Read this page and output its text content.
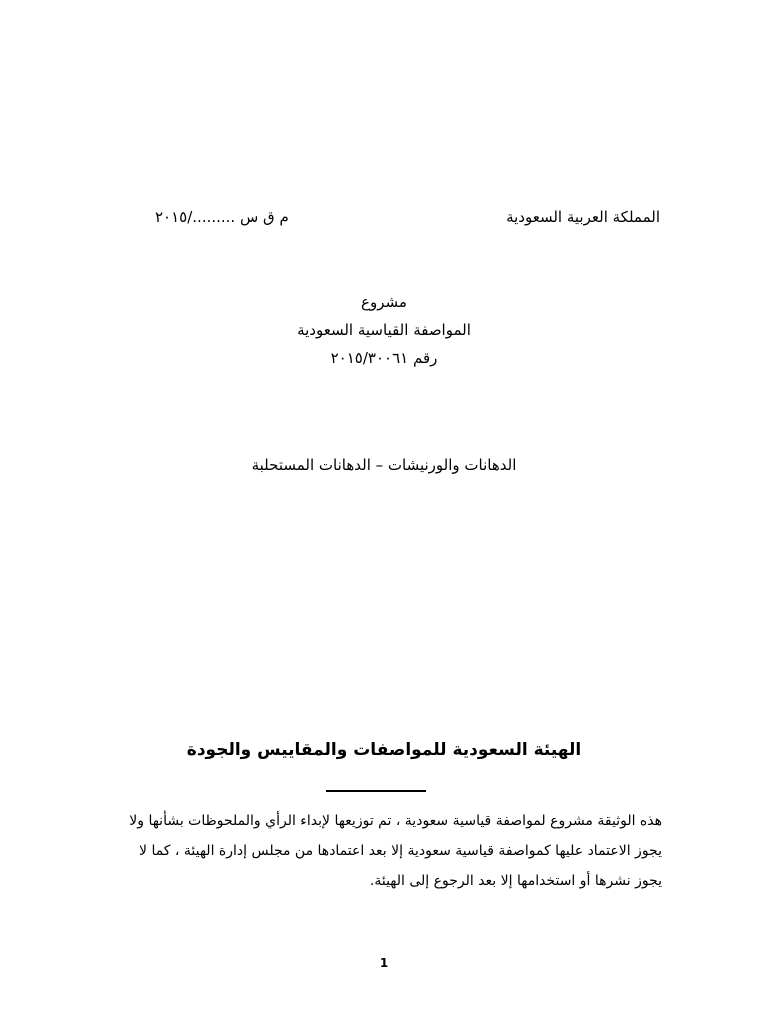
المملكة العربية السعودية
م ق س ........./٢٠١٥
مشروع
المواصفة القياسية السعودية
رقم ٢٠١٥/٣٠٠٦١
الدهانات والورنيشات – الدهانات المستحلبة
الهيئة السعودية للمواصفات والمقاييس والجودة

هذه الوثيقة مشروع لمواصفة قياسية سعودية ، تم توزيعها لإبداء الرأي والملحوظات بشأنها ولا

يجوز الاعتماد عليها كمواصفة قياسية سعودية إلا بعد اعتمادها من مجلس إدارة الهيئة ، كما لا

يجوز نشرها أو استخدامها إلا بعد الرجوع إلى الهيئة.

1
